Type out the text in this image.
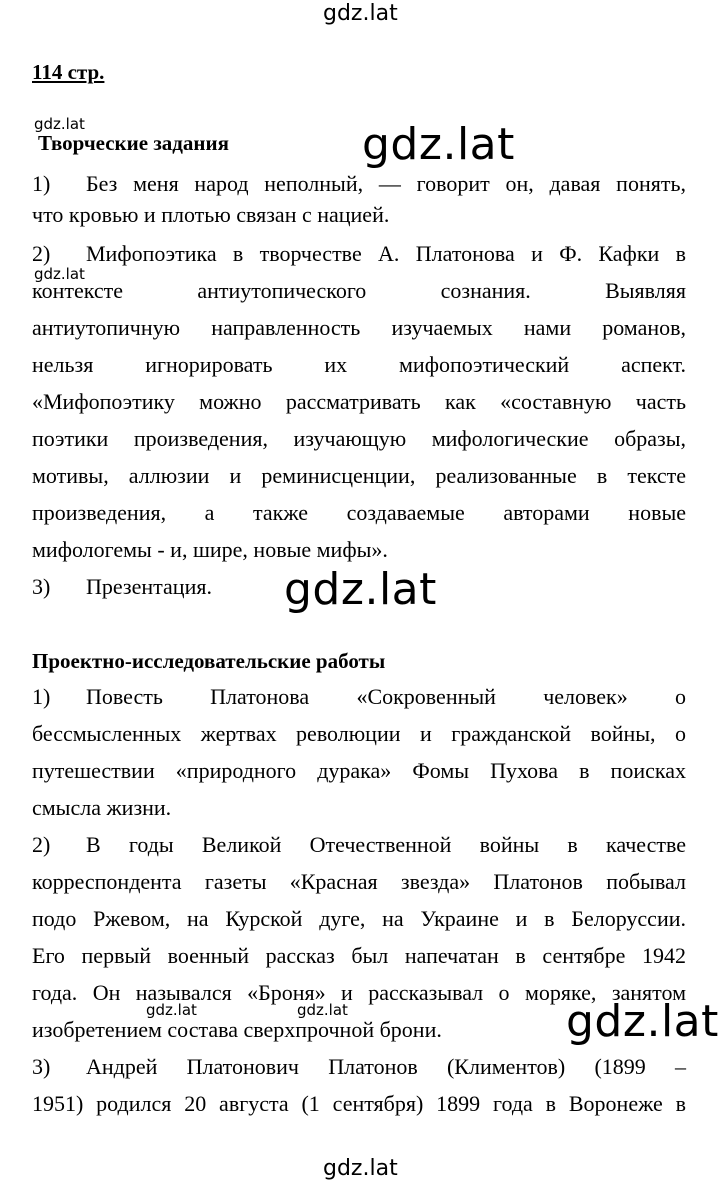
gdz.lat
gdz.lat	gdz.lat
gdz.lat
gdz.lat
gdz.lat	gdz.lat	gdz.lat
gdz.lat
114 стр.
Творческие задания
1) Без меня народ неполный, — говорит он, давая понять,
что кровью и плотью связан с нацией.
2) Мифопоэтика в творчестве А. Платонова и Ф. Кафки в
контексте антиутопического сознания. Выявляя
антиутопичную направленность изучаемых нами романов,
нельзя игнорировать их мифопоэтический аспект.
«Мифопоэтику можно рассматривать как «составную часть
поэтики произведения, изучающую мифологические образы,
мотивы, аллюзии и реминисценции, реализованные в тексте
произведения, а также создаваемые авторами новые
мифологемы - и, шире, новые мифы».
3) Презентация.
Проектно-исследовательские работы
1) Повесть Платонова «Сокровенный человек» о
бессмысленных жертвах революции и гражданской войны, о
путешествии «природного дурака» Фомы Пухова в поисках
смысла жизни.
2) В годы Великой Отечественной войны в качестве
корреспондента газеты «Красная звезда» Платонов побывал
подо Ржевом, на Курской дуге, на Украине и в Белоруссии.
Его первый военный рассказ был напечатан в сентябре 1942
года. Он назывался «Броня» и рассказывал о моряке, занятом
изобретением состава сверхпрочной брони.
3) Андрей Платонович Платонов (Климентов) (1899 –
1951) родился 20 августа (1 сентября) 1899 года в Воронеже в
